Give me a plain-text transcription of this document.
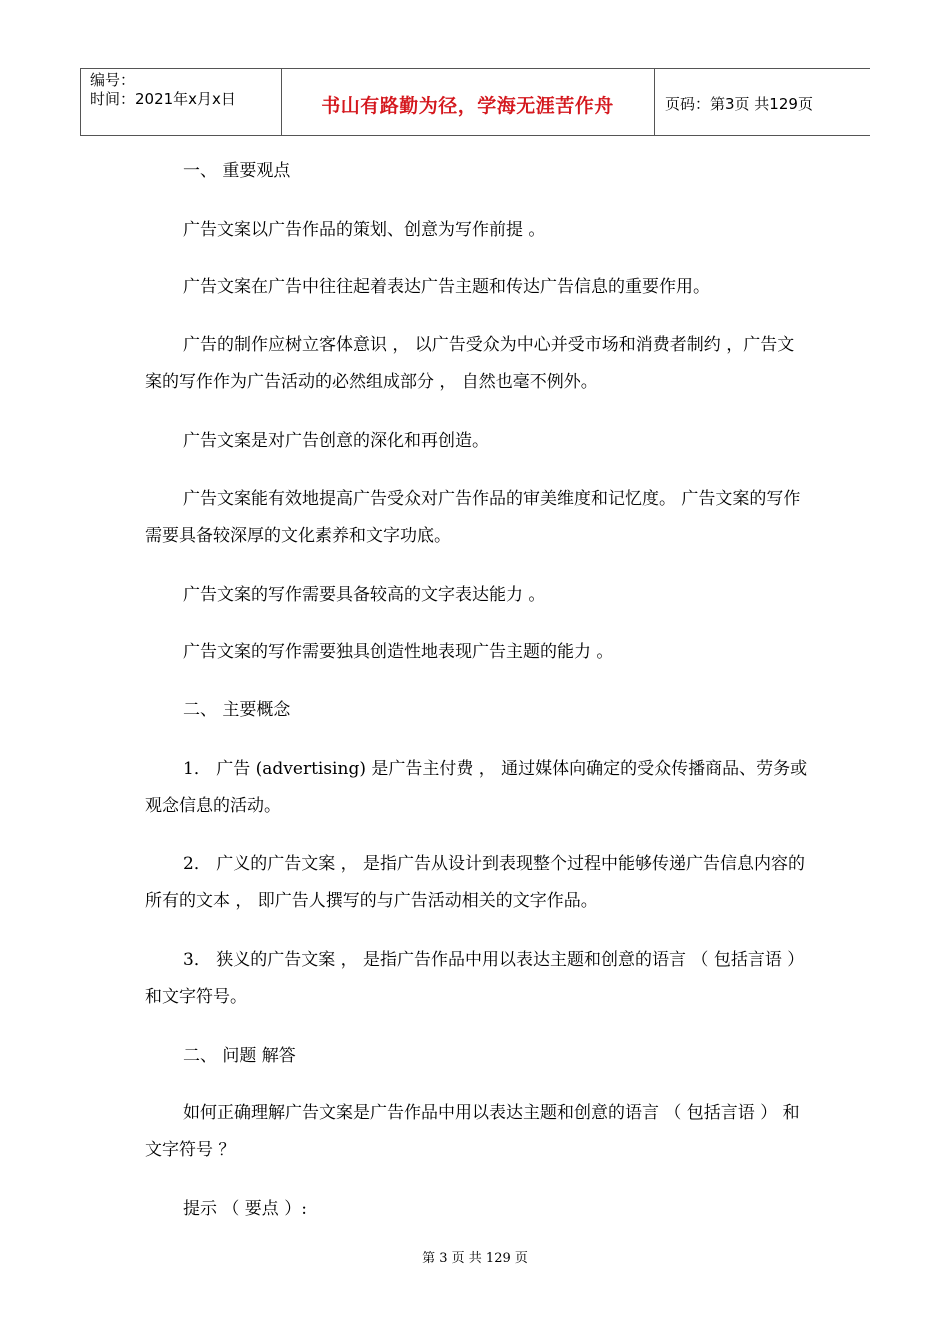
编号：
时间：2021年x月x日	书山有路勤为径，学海无涯苦作舟	页码：第3页 共129页

一、 重要观点

广告文案以广告作品的策划、创意为写作前提 。

广告文案在广告中往往起着表达广告主题和传达广告信息的重要作用。

广告的制作应树立客体意识 ， 以广告受众为中心并受市场和消费者制约 ，广告文案的写作作为广告活动的必然组成部分 ， 自然也毫不例外。

广告文案是对广告创意的深化和再创造。

广告文案能有效地提高广告受众对广告作品的审美维度和记忆度。 广告文案的写作需要具备较深厚的文化素养和文字功底。

广告文案的写作需要具备较高的文字表达能力 。

广告文案的写作需要独具创造性地表现广告主题的能力 。

二、 主要概念

1． 广告 (advertising) 是广告主付费 ， 通过媒体向确定的受众传播商品、劳务或观念信息的活动。

2． 广义的广告文案 ， 是指广告从设计到表现整个过程中能够传递广告信息内容的所有的文本 ， 即广告人撰写的与广告活动相关的文字作品。

3． 狭义的广告文案 ， 是指广告作品中用以表达主题和创意的语言 （ 包括言语 ） 和文字符号。

二、 问题 解答

如何正确理解广告文案是广告作品中用以表达主题和创意的语言 （ 包括言语 ） 和文字符号 ？

提示 （ 要点 ）:

第 3 页 共 129 页
